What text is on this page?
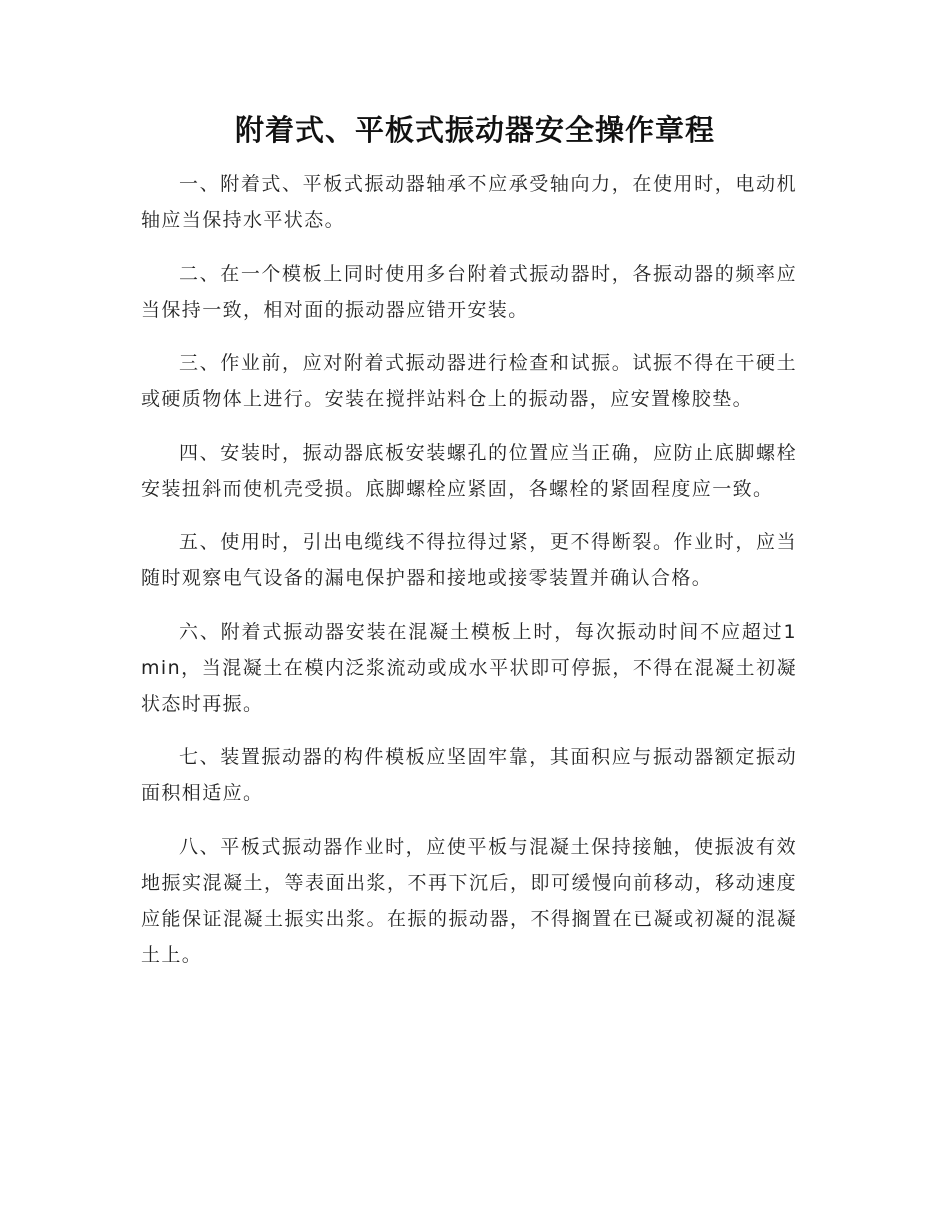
附着式、平板式振动器安全操作章程

一、附着式、平板式振动器轴承不应承受轴向力，在使用时，电动机轴应当保持水平状态。

二、在一个模板上同时使用多台附着式振动器时，各振动器的频率应当保持一致，相对面的振动器应错开安装。

三、作业前，应对附着式振动器进行检查和试振。试振不得在干硬土或硬质物体上进行。安装在搅拌站料仓上的振动器，应安置橡胶垫。

四、安装时，振动器底板安装螺孔的位置应当正确，应防止底脚螺栓安装扭斜而使机壳受损。底脚螺栓应紧固，各螺栓的紧固程度应一致。

五、使用时，引出电缆线不得拉得过紧，更不得断裂。作业时，应当随时观察电气设备的漏电保护器和接地或接零装置并确认合格。

六、附着式振动器安装在混凝土模板上时，每次振动时间不应超过1min，当混凝土在模内泛浆流动或成水平状即可停振，不得在混凝土初凝状态时再振。

七、装置振动器的构件模板应坚固牢靠，其面积应与振动器额定振动面积相适应。

八、平板式振动器作业时，应使平板与混凝土保持接触，使振波有效地振实混凝土，等表面出浆，不再下沉后，即可缓慢向前移动，移动速度应能保证混凝土振实出浆。在振的振动器，不得搁置在已凝或初凝的混凝土上。
